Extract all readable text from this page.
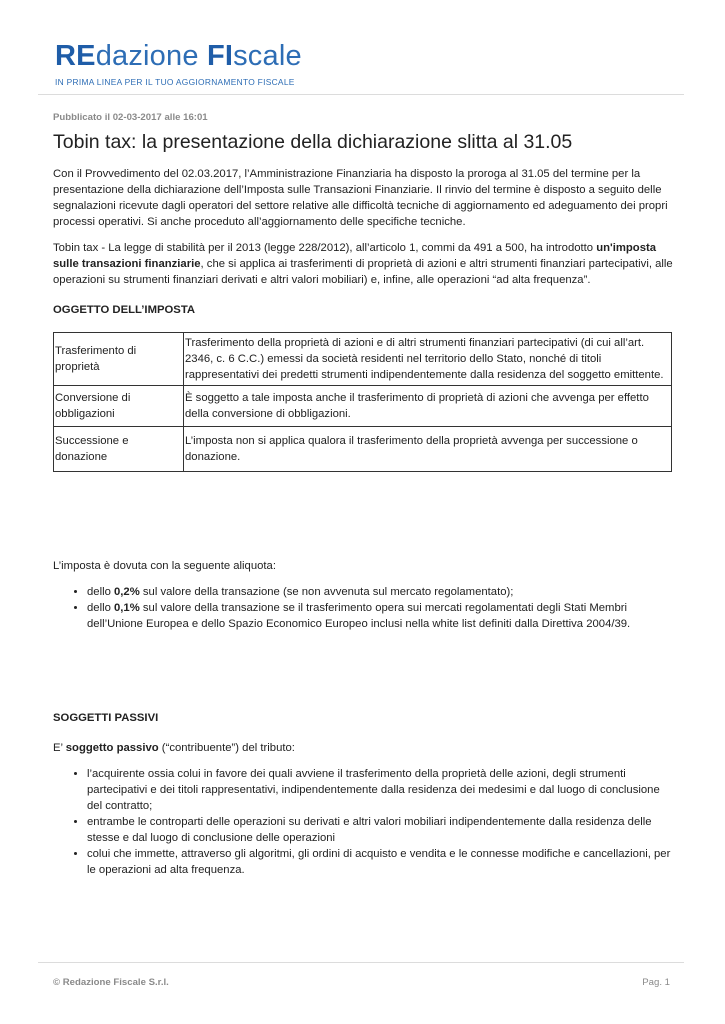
REdazione FIscale
IN PRIMA LINEA PER IL TUO AGGIORNAMENTO FISCALE
Pubblicato il 02-03-2017 alle 16:01
Tobin tax: la presentazione della dichiarazione slitta al 31.05

Con il Provvedimento del 02.03.2017, l’Amministrazione Finanziaria ha disposto la proroga al 31.05 del termine per la presentazione della dichiarazione dell’Imposta sulle Transazioni Finanziarie. Il rinvio del termine è disposto a seguito delle segnalazioni ricevute dagli operatori del settore relative alle difficoltà tecniche di aggiornamento ed adeguamento dei propri processi operativi. Si anche proceduto all’aggiornamento delle specifiche tecniche.

Tobin tax - La legge di stabilità per il 2013 (legge 228/2012), all’articolo 1, commi da 491 a 500, ha introdotto un'imposta sulle transazioni finanziarie, che si applica ai trasferimenti di proprietà di azioni e altri strumenti finanziari partecipativi, alle operazioni su strumenti finanziari derivati e altri valori mobiliari) e, infine, alle operazioni “ad alta frequenza”.

OGGETTO DELL’IMPOSTA
Trasferimento di proprietà	Trasferimento della proprietà di azioni e di altri strumenti finanziari partecipativi (di cui all’art. 2346, c. 6 C.C.) emessi da società residenti nel territorio dello Stato, nonché di titoli rappresentativi dei predetti strumenti indipendentemente dalla residenza del soggetto emittente.
Conversione di obbligazioni	È soggetto a tale imposta anche il trasferimento di proprietà di azioni che avvenga per effetto della conversione di obbligazioni.
Successione e donazione	L’imposta non si applica qualora il trasferimento della proprietà avvenga per successione o donazione.

L’imposta è dovuta con la seguente aliquota:

• dello 0,2% sul valore della transazione (se non avvenuta sul mercato regolamentato);
• dello 0,1% sul valore della transazione se il trasferimento opera sui mercati regolamentati degli Stati Membri dell’Unione Europea e dello Spazio Economico Europeo inclusi nella white list definiti dalla Direttiva 2004/39.
SOGGETTI PASSIVI

E’ soggetto passivo (“contribuente”) del tributo:

• l’acquirente ossia colui in favore dei quali avviene il trasferimento della proprietà delle azioni, degli strumenti partecipativi e dei titoli rappresentativi, indipendentemente dalla residenza dei medesimi e dal luogo di conclusione del contratto;
• entrambe le controparti delle operazioni su derivati e altri valori mobiliari indipendentemente dalla residenza delle stesse e dal luogo di conclusione delle operazioni
• colui che immette, attraverso gli algoritmi, gli ordini di acquisto e vendita e le connesse modifiche e cancellazioni, per le operazioni ad alta frequenza.
© Redazione Fiscale S.r.l.	Pag. 1
